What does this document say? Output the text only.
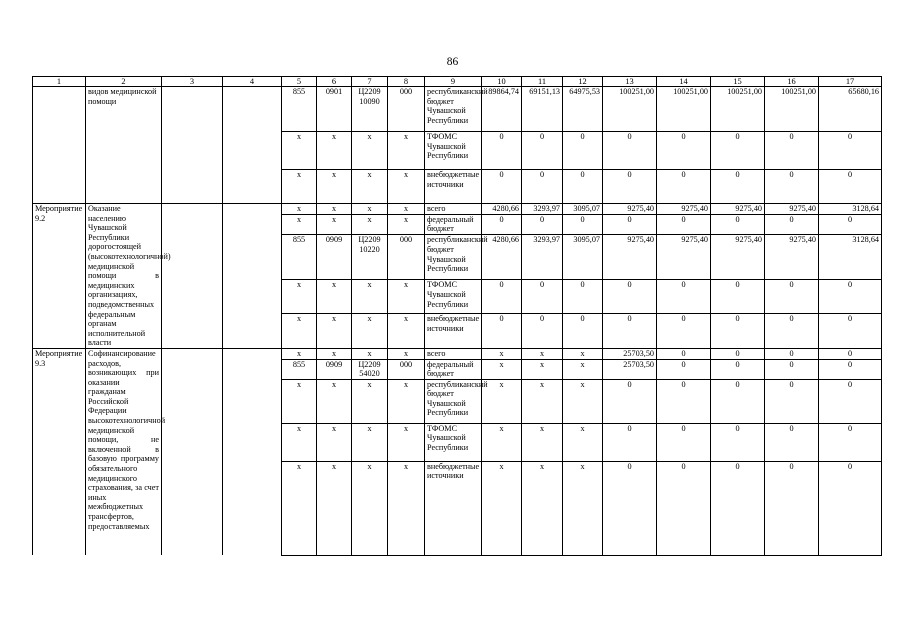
86
1	2	3	4	5	6	7	8	9	10	11	12	13	14	15	16	17
	видов медицинской помощи			855	0901	Ц2209 10090	000	республиканский бюджет Чувашской Республики	89864,74	69151,13	64975,53	100251,00	100251,00	100251,00	100251,00	65680,16
				х	х	х	х	ТФОМС Чувашской Республики	0	0	0	0	0	0	0	0
				х	х	х	х	внебюджетные источники	0	0	0	0	0	0	0	0
Мероприятие 9.2	Оказание населению Чувашской Республики дорогостоящей (высокотехнологичной) медицинской помощи в медицинских организациях, подведомственных федеральным органам исполнительной власти			х	х	х	х	всего	4280,66	3293,97	3095,07	9275,40	9275,40	9275,40	9275,40	3128,64
				х	х	х	х	федеральный бюджет	0	0	0	0	0	0	0	0
				855	0909	Ц2209 10220	000	республиканский бюджет Чувашской Республики	4280,66	3293,97	3095,07	9275,40	9275,40	9275,40	9275,40	3128,64
				х	х	х	х	ТФОМС Чувашской Республики	0	0	0	0	0	0	0	0
				х	х	х	х	внебюджетные источники	0	0	0	0	0	0	0	0
Мероприятие 9.3	Софинансирование расходов, возникающих при оказании гражданам Российской Федерации высокотехнологичной медицинской помощи, не включенной в базовую программу обязательного медицинского страхования, за счет иных межбюджетных трансфертов, предоставляемых			х	х	х	х	всего	х	х	х	25703,50	0	0	0	0
				855	0909	Ц2209 54020	000	федеральный бюджет	х	х	х	25703,50	0	0	0	0
				х	х	х	х	республиканский бюджет Чувашской Республики	х	х	х	0	0	0	0	0
				х	х	х	х	ТФОМС Чувашской Республики	х	х	х	0	0	0	0	0
				х	х	х	х	внебюджетные источники	х	х	х	0	0	0	0	0
